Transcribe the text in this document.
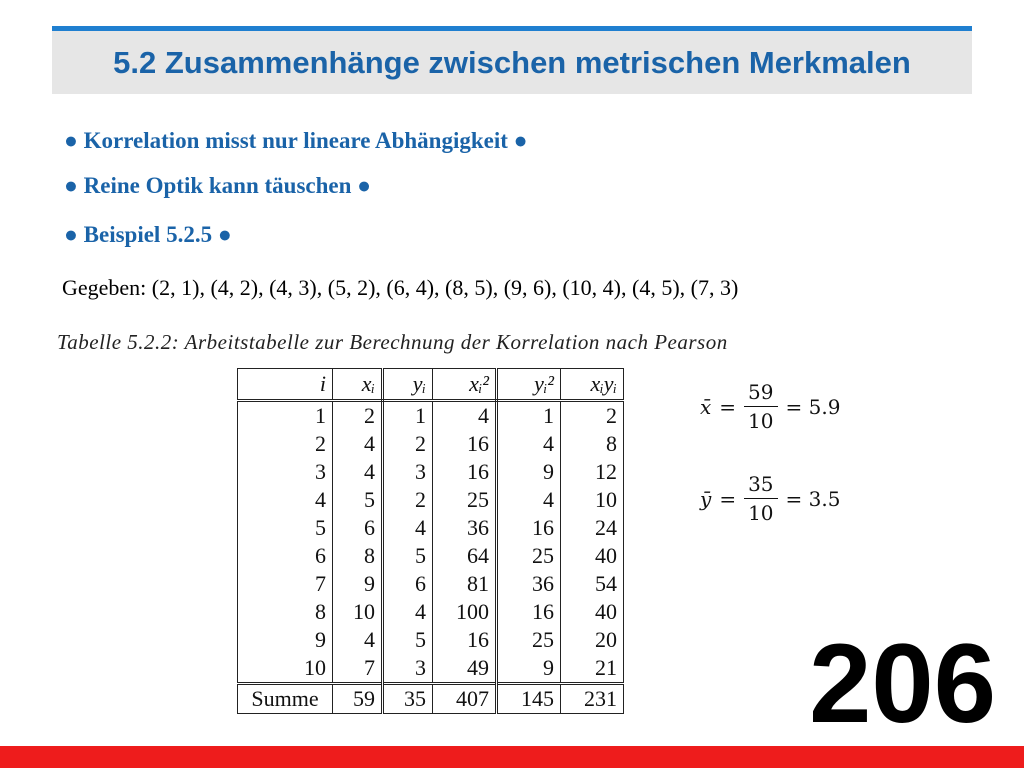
5.2 Zusammenhänge zwischen metrischen Merkmalen
● Korrelation misst nur lineare Abhängigkeit ●
● Reine Optik kann täuschen ●
● Beispiel 5.2.5 ●
Gegeben: (2, 1), (4, 2), (4, 3), (5, 2), (6, 4), (8, 5), (9, 6), (10, 4), (4, 5), (7, 3)
Tabelle 5.2.2: Arbeitstabelle zur Berechnung der Korrelation nach Pearson
i	xᵢ	yᵢ	xᵢ²	yᵢ²	xᵢyᵢ
1	2	1	4	1	2
2	4	2	16	4	8
3	4	3	16	9	12
4	5	2	25	4	10
5	6	4	36	16	24
6	8	5	64	25	40
7	9	6	81	36	54
8	10	4	100	16	40
9	4	5	16	25	20
10	7	3	49	9	21
Summe	59	35	407	145	231
x̄ = $\frac{59}{10} = 5.9$
ȳ = $\frac{35}{10} = 3.5$
206
